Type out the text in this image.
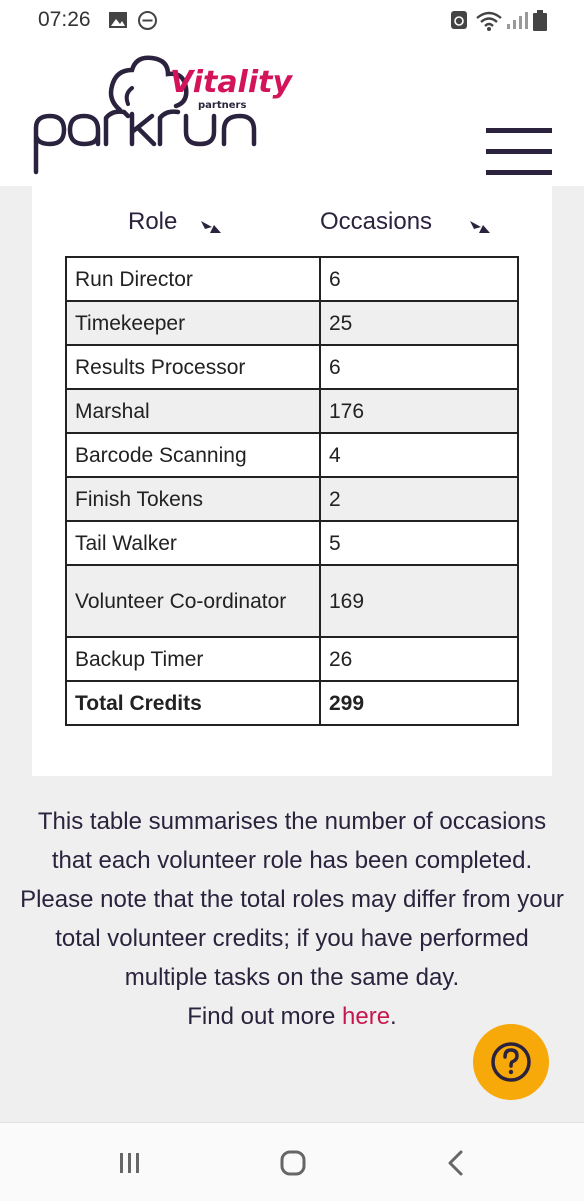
07:26
Vitality
partners
Role	Occasions
Run Director	6
Timekeeper	25
Results Processor	6
Marshal	176
Barcode Scanning	4
Finish Tokens	2
Tail Walker	5
Volunteer Co-ordinator	169
Backup Timer	26
Total Credits	299
This table summarises the number of occasions that each volunteer role has been completed.
Please note that the total roles may differ from your total volunteer credits; if you have performed multiple tasks on the same day.
Find out more here.
